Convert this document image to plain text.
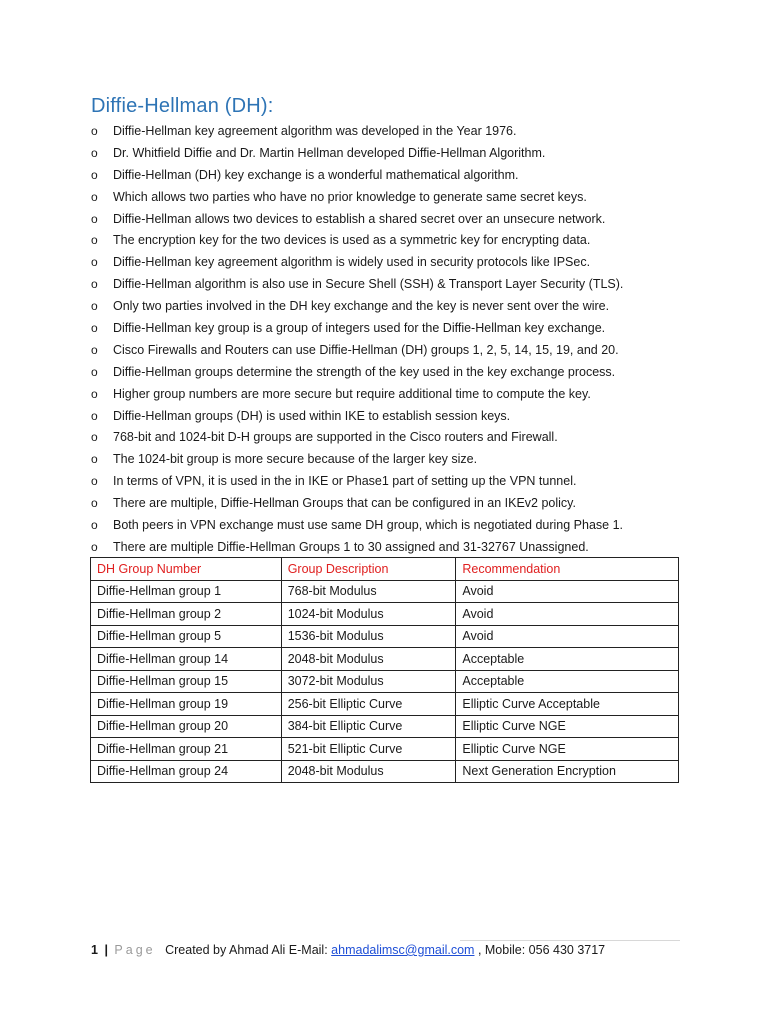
Diffie-Hellman (DH):
o	Diffie-Hellman key agreement algorithm was developed in the Year 1976.
o	Dr. Whitfield Diffie and Dr. Martin Hellman developed Diffie-Hellman Algorithm.
o	Diffie-Hellman (DH) key exchange is a wonderful mathematical algorithm.
o	Which allows two parties who have no prior knowledge to generate same secret keys.
o	Diffie-Hellman allows two devices to establish a shared secret over an unsecure network.
o	The encryption key for the two devices is used as a symmetric key for encrypting data.
o	Diffie-Hellman key agreement algorithm is widely used in security protocols like IPSec.
o	Diffie-Hellman algorithm is also use in Secure Shell (SSH) & Transport Layer Security (TLS).
o	Only two parties involved in the DH key exchange and the key is never sent over the wire.
o	Diffie-Hellman key group is a group of integers used for the Diffie-Hellman key exchange.
o	Cisco Firewalls and Routers can use Diffie-Hellman (DH) groups 1, 2, 5, 14, 15, 19, and 20.
o	Diffie-Hellman groups determine the strength of the key used in the key exchange process.
o	Higher group numbers are more secure but require additional time to compute the key.
o	Diffie-Hellman groups (DH) is used within IKE to establish session keys.
o	768-bit and 1024-bit D-H groups are supported in the Cisco routers and Firewall.
o	The 1024-bit group is more secure because of the larger key size.
o	In terms of VPN, it is used in the in IKE or Phase1 part of setting up the VPN tunnel.
o	There are multiple, Diffie-Hellman Groups that can be configured in an IKEv2 policy.
o	Both peers in VPN exchange must use same DH group, which is negotiated during Phase 1.
o	There are multiple Diffie-Hellman Groups 1 to 30 assigned and 31-32767 Unassigned.
DH Group Number	Group Description	Recommendation
Diffie-Hellman group 1	768-bit Modulus	Avoid
Diffie-Hellman group 2	1024-bit Modulus	Avoid
Diffie-Hellman group 5	1536-bit Modulus	Avoid
Diffie-Hellman group 14	2048-bit Modulus	Acceptable
Diffie-Hellman group 15	3072-bit Modulus	Acceptable
Diffie-Hellman group 19	256-bit Elliptic Curve	Elliptic Curve Acceptable
Diffie-Hellman group 20	384-bit Elliptic Curve	Elliptic Curve NGE
Diffie-Hellman group 21	521-bit Elliptic Curve	Elliptic Curve NGE
Diffie-Hellman group 24	2048-bit Modulus	Next Generation Encryption
1 | Page Created by Ahmad Ali E-Mail: ahmadalimsc@gmail.com , Mobile: 056 430 3717
